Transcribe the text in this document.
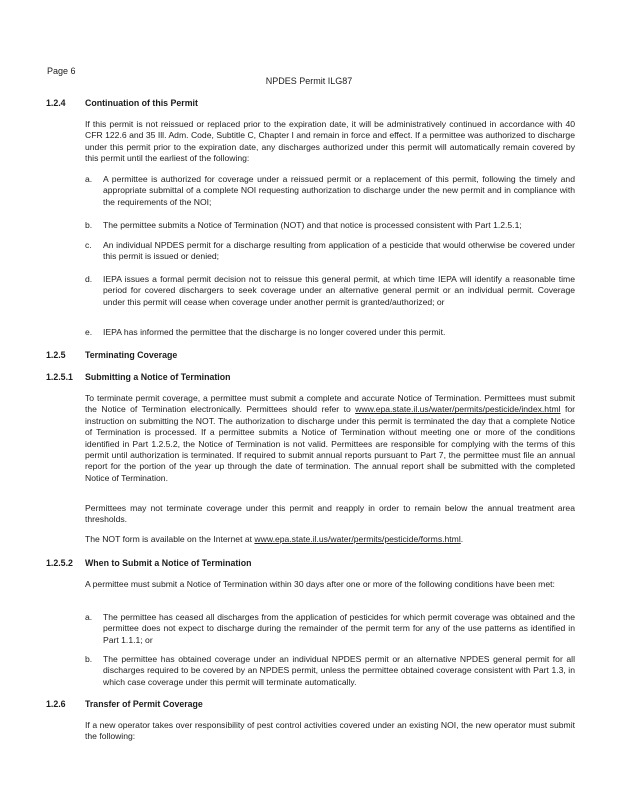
Page 6
NPDES Permit ILG87
1.2.4 Continuation of this Permit
If this permit is not reissued or replaced prior to the expiration date, it will be administratively continued in accordance with 40 CFR 122.6 and 35 Ill. Adm. Code, Subtitle C, Chapter I and remain in force and effect. If a permittee was authorized to discharge under this permit prior to the expiration date, any discharges authorized under this permit will automatically remain covered by this permit until the earliest of the following:
a. A permittee is authorized for coverage under a reissued permit or a replacement of this permit, following the timely and appropriate submittal of a complete NOI requesting authorization to discharge under the new permit and in compliance with the requirements of the NOI;
b. The permittee submits a Notice of Termination (NOT) and that notice is processed consistent with Part 1.2.5.1;
c. An individual NPDES permit for a discharge resulting from application of a pesticide that would otherwise be covered under this permit is issued or denied;
d. IEPA issues a formal permit decision not to reissue this general permit, at which time IEPA will identify a reasonable time period for covered dischargers to seek coverage under an alternative general permit or an individual permit. Coverage under this permit will cease when coverage under another permit is granted/authorized; or
e. IEPA has informed the permittee that the discharge is no longer covered under this permit.
1.2.5 Terminating Coverage
1.2.5.1 Submitting a Notice of Termination
To terminate permit coverage, a permittee must submit a complete and accurate Notice of Termination. Permittees must submit the Notice of Termination electronically. Permittees should refer to www.epa.state.il.us/water/permits/pesticide/index.html for instruction on submitting the NOT. The authorization to discharge under this permit is terminated the day that a complete Notice of Termination is processed. If a permittee submits a Notice of Termination without meeting one or more of the conditions identified in Part 1.2.5.2, the Notice of Termination is not valid. Permittees are responsible for complying with the terms of this permit until authorization is terminated. If required to submit annual reports pursuant to Part 7, the permittee must file an annual report for the portion of the year up through the date of termination. The annual report shall be submitted with the completed Notice of Termination.
Permittees may not terminate coverage under this permit and reapply in order to remain below the annual treatment area thresholds.
The NOT form is available on the Internet at www.epa.state.il.us/water/permits/pesticide/forms.html.
1.2.5.2 When to Submit a Notice of Termination
A permittee must submit a Notice of Termination within 30 days after one or more of the following conditions have been met:
a. The permittee has ceased all discharges from the application of pesticides for which permit coverage was obtained and the permittee does not expect to discharge during the remainder of the permit term for any of the use patterns as identified in Part 1.1.1; or
b. The permittee has obtained coverage under an individual NPDES permit or an alternative NPDES general permit for all discharges required to be covered by an NPDES permit, unless the permittee obtained coverage consistent with Part 1.3, in which case coverage under this permit will terminate automatically.
1.2.6 Transfer of Permit Coverage
If a new operator takes over responsibility of pest control activities covered under an existing NOI, the new operator must submit the following:
